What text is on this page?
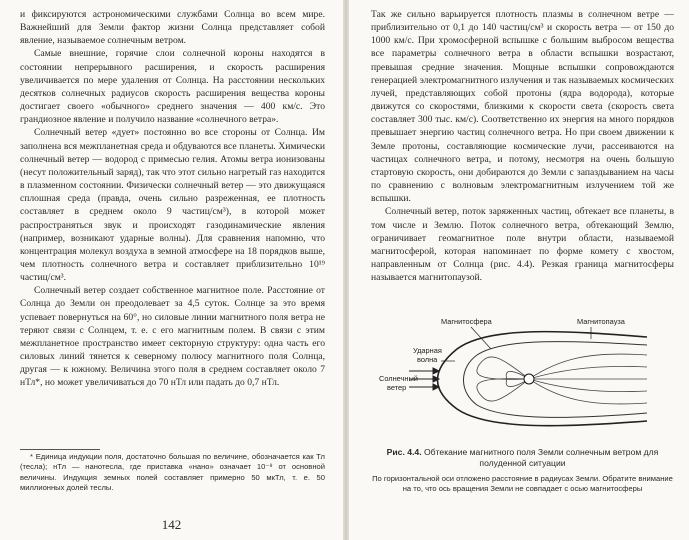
и фиксируются астрономическими службами Солнца во всем мире. Важнейший для Земли фактор жизни Солнца представляет собой явление, называемое солнечным ветром.

Самые внешние, горячие слои солнечной короны находятся в состоянии непрерывного расширения, и скорость расширения увеличивается по мере удаления от Солнца. На расстоянии нескольких десятков солнечных радиусов скорость расширения вещества короны достигает своего «обычного» среднего значения — 400 км/с. Это грандиозное явление и получило название «солнечного ветра».

Солнечный ветер «дует» постоянно во все стороны от Солнца. Им заполнена вся межпланетная среда и обдуваются все планеты. Химически солнечный ветер — водород с примесью гелия. Атомы ветра ионизованы (несут положительный заряд), так что этот сильно нагретый газ находится в плазменном состоянии. Физически солнечный ветер — это движущаяся сплошная среда (правда, очень сильно разреженная, ее плотность составляет в среднем около 9 частиц/см³), в которой может распространяться звук и происходят газодинамические явления (например, возникают ударные волны). Для сравнения напомню, что концентрация молекул воздуха в земной атмосфере на 18 порядков выше, чем плотность солнечного ветра и составляет приблизительно 10¹⁹ частиц/см³.

Солнечный ветер создает собственное магнитное поле. Расстояние от Солнца до Земли он преодолевает за 4,5 суток. Солнце за это время успевает повернуться на 60°, но силовые линии магнитного поля ветра не теряют связи с Солнцем, т. е. с его магнитным полем. В связи с этим межпланетное пространство имеет секторную структуру: одна часть его силовых линий тянется к северному полюсу магнитного поля Солнца, другая — к южному. Величина этого поля в среднем составляет около 7 нТл*, но может увеличиваться до 70 нТл или падать до 0,7 нТл.

* Единица индукции поля, достаточно большая по величине, обозначается как Тл (тесла); нТл — нанотесла, где приставка «нано» означает 10⁻⁹ от основной величины. Индукция земных полей составляет примерно 50 мкТл, т. е. 50 миллионных долей теслы.

142

Так же сильно варьируется плотность плазмы в солнечном ветре — приблизительно от 0,1 до 140 частиц/см³ и скорость ветра — от 150 до 1000 км/с. При хромосферной вспышке с большим выбросом вещества все параметры солнечного ветра в области вспышки возрастают, превышая средние значения. Мощные вспышки сопровождаются генерацией электромагнитного излучения и так называемых космических лучей, представляющих собой протоны (ядра водорода), которые движутся со скоростями, близкими к скорости света (скорость света составляет 300 тыс. км/с). Соответственно их энергия на много порядков превышает энергию частиц солнечного ветра. Но при своем движении к Земле протоны, составляющие космические лучи, рассеиваются на частицах солнечного ветра, и потому, несмотря на очень большую стартовую скорость, они добираются до Земли с запаздыванием на часы по сравнению с волновым электромагнитным излучением той же вспышки.

Солнечный ветер, поток заряженных частиц, обтекает все планеты, в том числе и Землю. Поток солнечного ветра, обтекающий Землю, ограничивает геомагнитное поле внутри области, называемой магнитосферой, которая напоминает по форме комету с хвостом, направленным от Солнца (рис. 4.4). Резкая граница магнитосферы называется магнитопаузой.

Магнитосфера	Магнитопауза
Ударная
волна
Солнечный
ветер
Рис. 4.4. Обтекание магнитного поля Земли солнечным ветром для полуденной ситуации
По горизонтальной оси отложено расстояние в радиусах Земли. Обратите внимание на то, что ось вращения Земли не совпадает с осью магнитосферы
